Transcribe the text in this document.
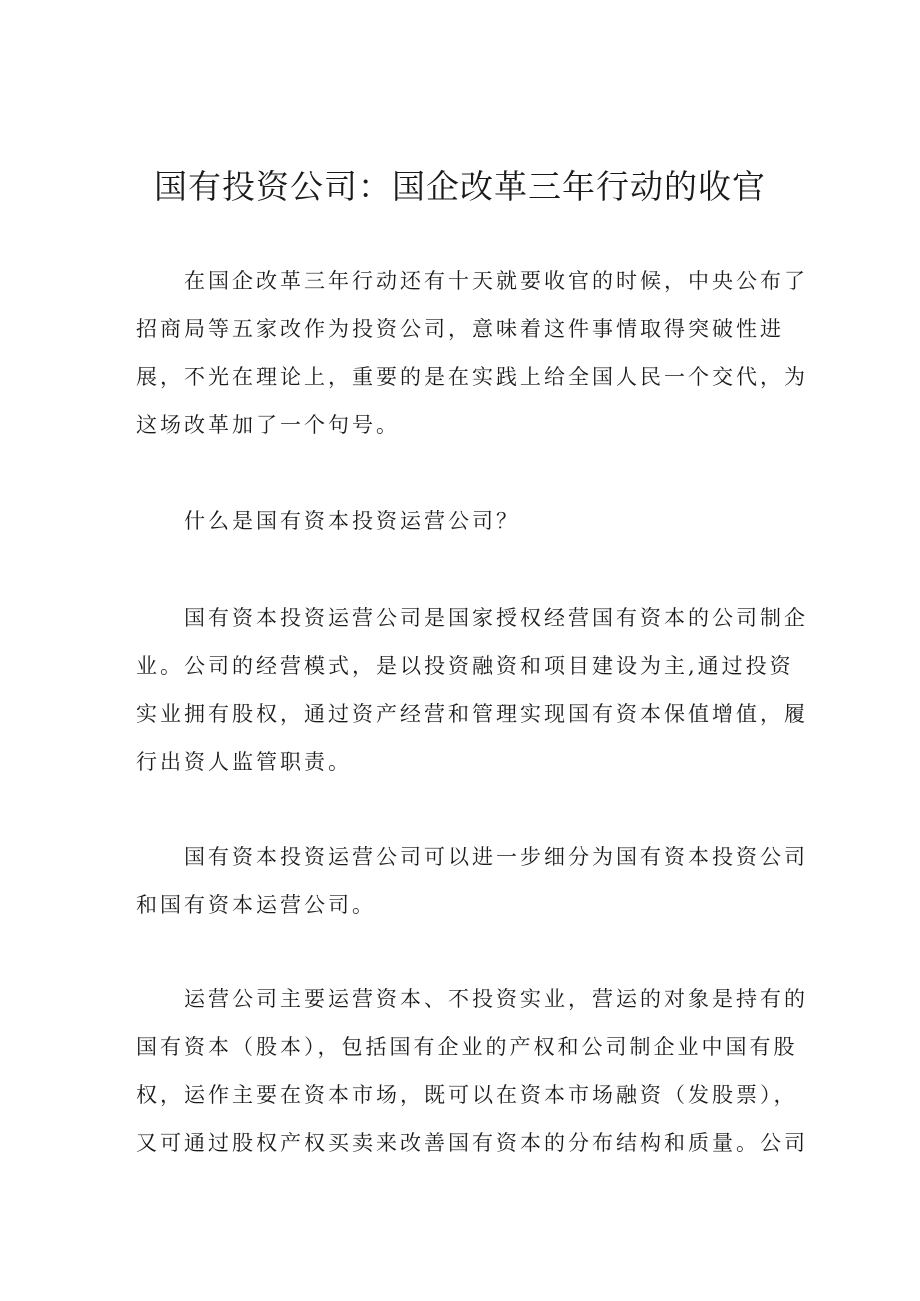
国有投资公司：国企改革三年行动的收官

在国企改革三年行动还有十天就要收官的时候，中央公布了招商局等五家改作为投资公司，意味着这件事情取得突破性进展，不光在理论上，重要的是在实践上给全国人民一个交代，为这场改革加了一个句号。

什么是国有资本投资运营公司？

国有资本投资运营公司是国家授权经营国有资本的公司制企业。公司的经营模式，是以投资融资和项目建设为主,通过投资实业拥有股权，通过资产经营和管理实现国有资本保值增值，履行出资人监管职责。

国有资本投资运营公司可以进一步细分为国有资本投资公司和国有资本运营公司。

运营公司主要运营资本、不投资实业，营运的对象是持有的国有资本（股本），包括国有企业的产权和公司制企业中国有股权，运作主要在资本市场，既可以在资本市场融资（发股票），又可通过股权产权买卖来改善国有资本的分布结构和质量。公司
